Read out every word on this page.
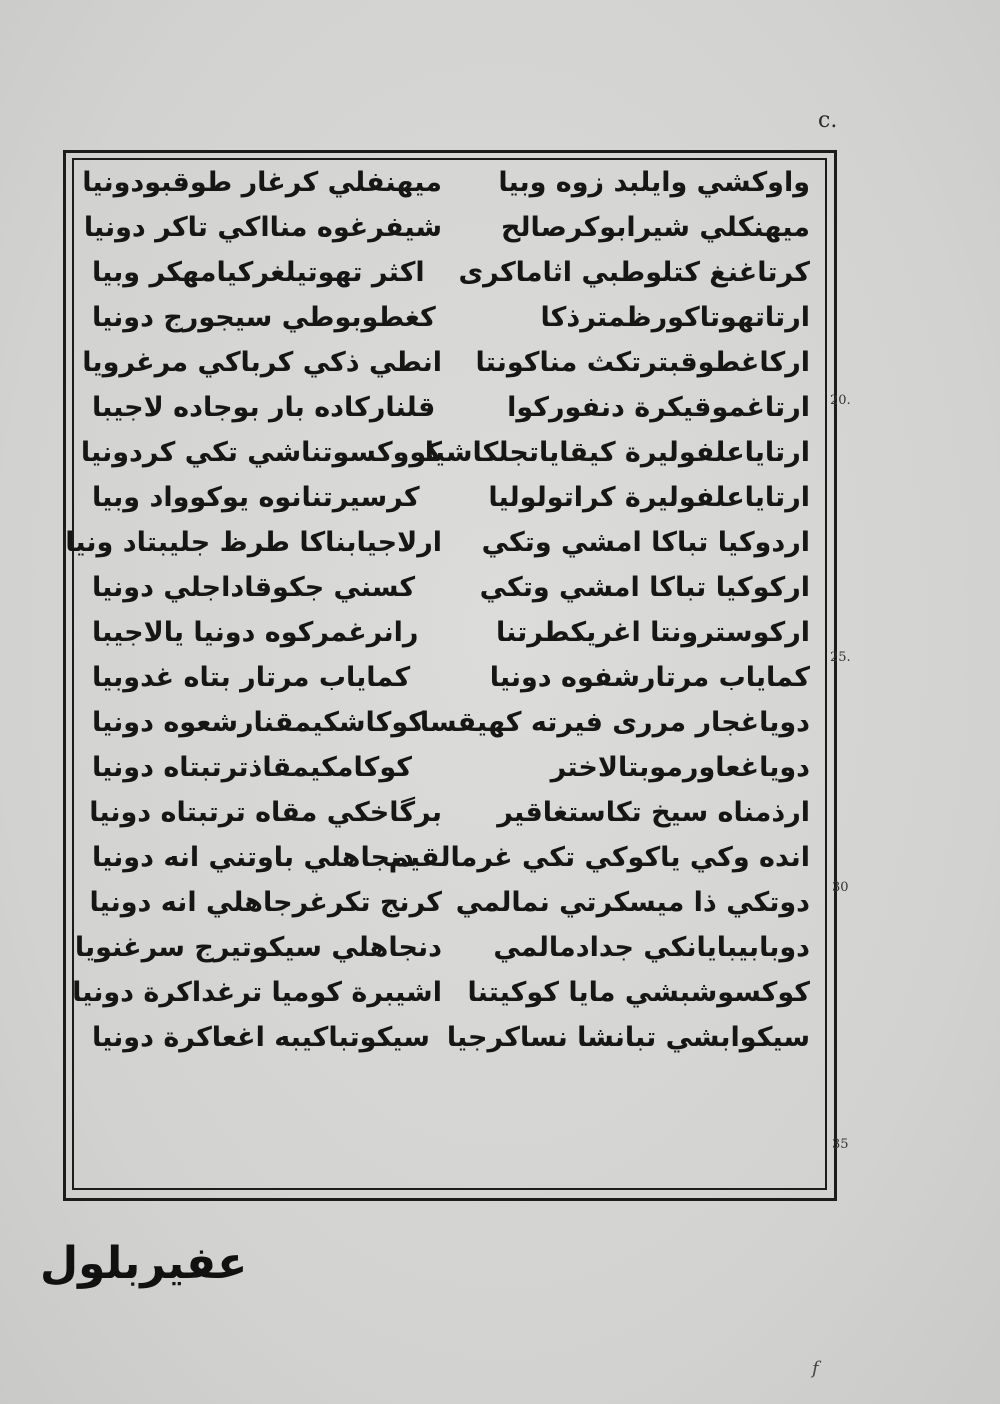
c.
واوكشي وايلبد زوه وبيا
ميهنفلي كرغار طوقبودونيا
ميهنكلي شيرابوكرصالح
شيفرغوه منااكي تاكر دونيا
كرتاغنغ كتلوطبي اثاماكرى
اكثر تهوتيلغركيامهكر وبيا
ارتاتهوتاكورظمترذكا
كغطوبوطي سيجورج دونيا
اركاغطوقبترتكث مناكونتا
انطي ذكي كرباكي مرغرويا
ارتاغموقيكرة دنفوركوا
قلناركاده بار بوجاده لاجيبا
ارتاياعلفوليرة كيقاياتجلكاشيا
كووكسوتناشي تكي كردونيا
ارتاياعلفوليرة كراتولوليا
كرسيرتنانوه يوكوواد وبيا
اردوكيا تباكا امشي وتكي
ارلاجيابناكا طرظ جليبتاد ونيا
اركوكيا تباكا امشي وتكي
كسني جكوقاداجلي دونيا
اركوسترونتا اغريكطرتنا
رانرغمركوه دونيا يالاجيبا
كماياب مرتارشفوه دونيا
كماياب مرتار بتاه غدوبيا
دوياغجار مررى فيرته كهيقسا
كوكاشكيمقنارشعوه دونيا
دوياغعاورموبتالاختر
كوكامكيمقاذترتبتاه دونيا
ارذمناه سيخ تكاستغاقير
برگاخكي مقاه ترتبتاه دونيا
انده وكي ياكوكي تكي غرمالقيم
دنجاهلي باوتني انه دونيا
دوتكي ذا ميسكرتي نمالمي
كرنج تكرغرجاهلي انه دونيا
دوبابيبايانكي جدادمالمي
دنجاهلي سيكوتيرج سرغنويا
كوكسوشبشي مايا كوكيتنا
اشيبرة كوميا ترغداكرة دونيا
سيكوابشي تبانشا نساكرجيا
سيكوتباكيبه اغعاكرة دونيا
20.
25.
30
35
عفيربلول
f
